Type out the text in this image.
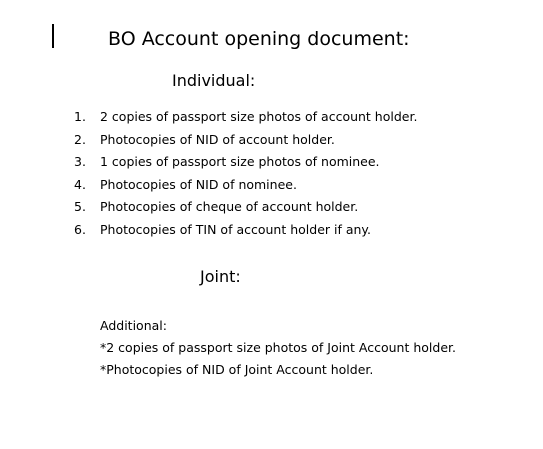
BO Account opening document:
Individual:
1. 2 copies of passport size photos of account holder.
2. Photocopies of NID of account holder.
3. 1 copies of passport size photos of nominee.
4. Photocopies of NID of nominee.
5. Photocopies of cheque of account holder.
6. Photocopies of TIN of account holder if any.
Joint:
Additional:
*2 copies of passport size photos of Joint Account holder.
*Photocopies of NID of Joint Account holder.
